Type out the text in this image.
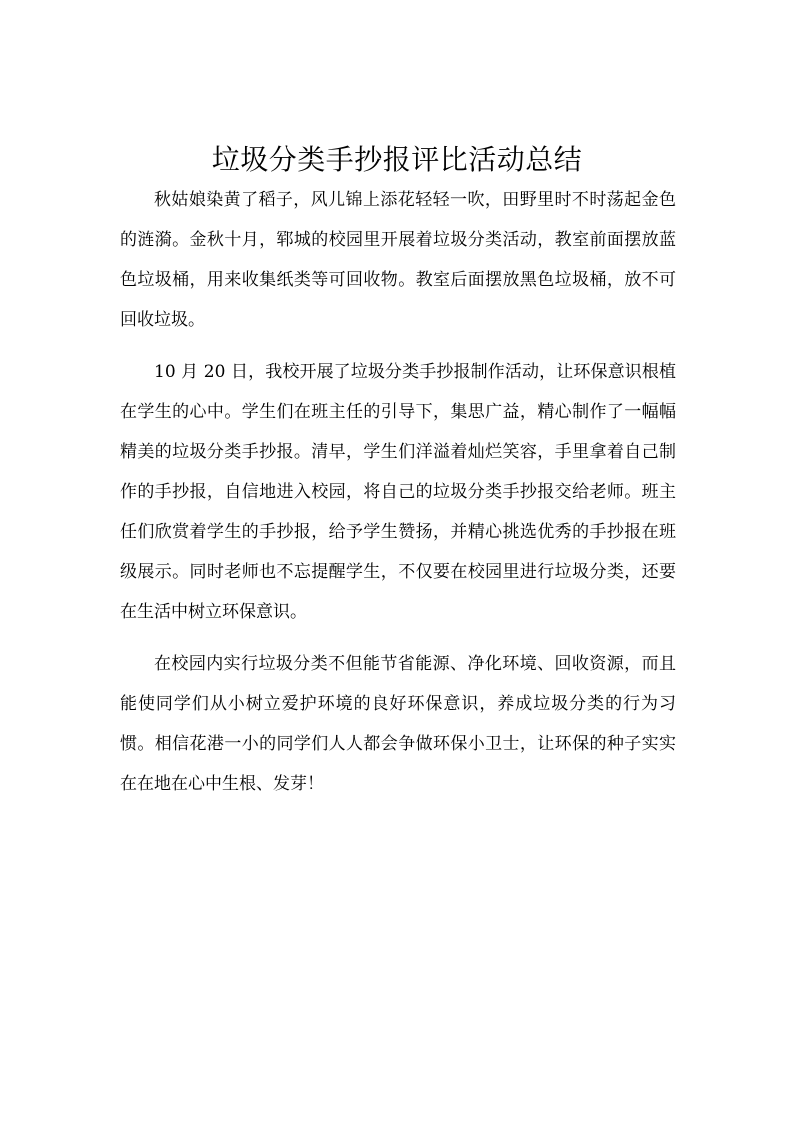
垃圾分类手抄报评比活动总结

秋姑娘染黄了稻子，风儿锦上添花轻轻一吹，田野里时不时荡起金色的涟漪。金秋十月，郓城的校园里开展着垃圾分类活动，教室前面摆放蓝色垃圾桶，用来收集纸类等可回收物。教室后面摆放黑色垃圾桶，放不可回收垃圾。

10 月 20 日，我校开展了垃圾分类手抄报制作活动，让环保意识根植在学生的心中。学生们在班主任的引导下，集思广益，精心制作了一幅幅精美的垃圾分类手抄报。清早，学生们洋溢着灿烂笑容，手里拿着自己制作的手抄报，自信地进入校园，将自己的垃圾分类手抄报交给老师。班主任们欣赏着学生的手抄报，给予学生赞扬，并精心挑选优秀的手抄报在班级展示。同时老师也不忘提醒学生，不仅要在校园里进行垃圾分类，还要在生活中树立环保意识。

在校园内实行垃圾分类不但能节省能源、净化环境、回收资源，而且能使同学们从小树立爱护环境的良好环保意识，养成垃圾分类的行为习惯。相信花港一小的同学们人人都会争做环保小卫士，让环保的种子实实在在地在心中生根、发芽！
